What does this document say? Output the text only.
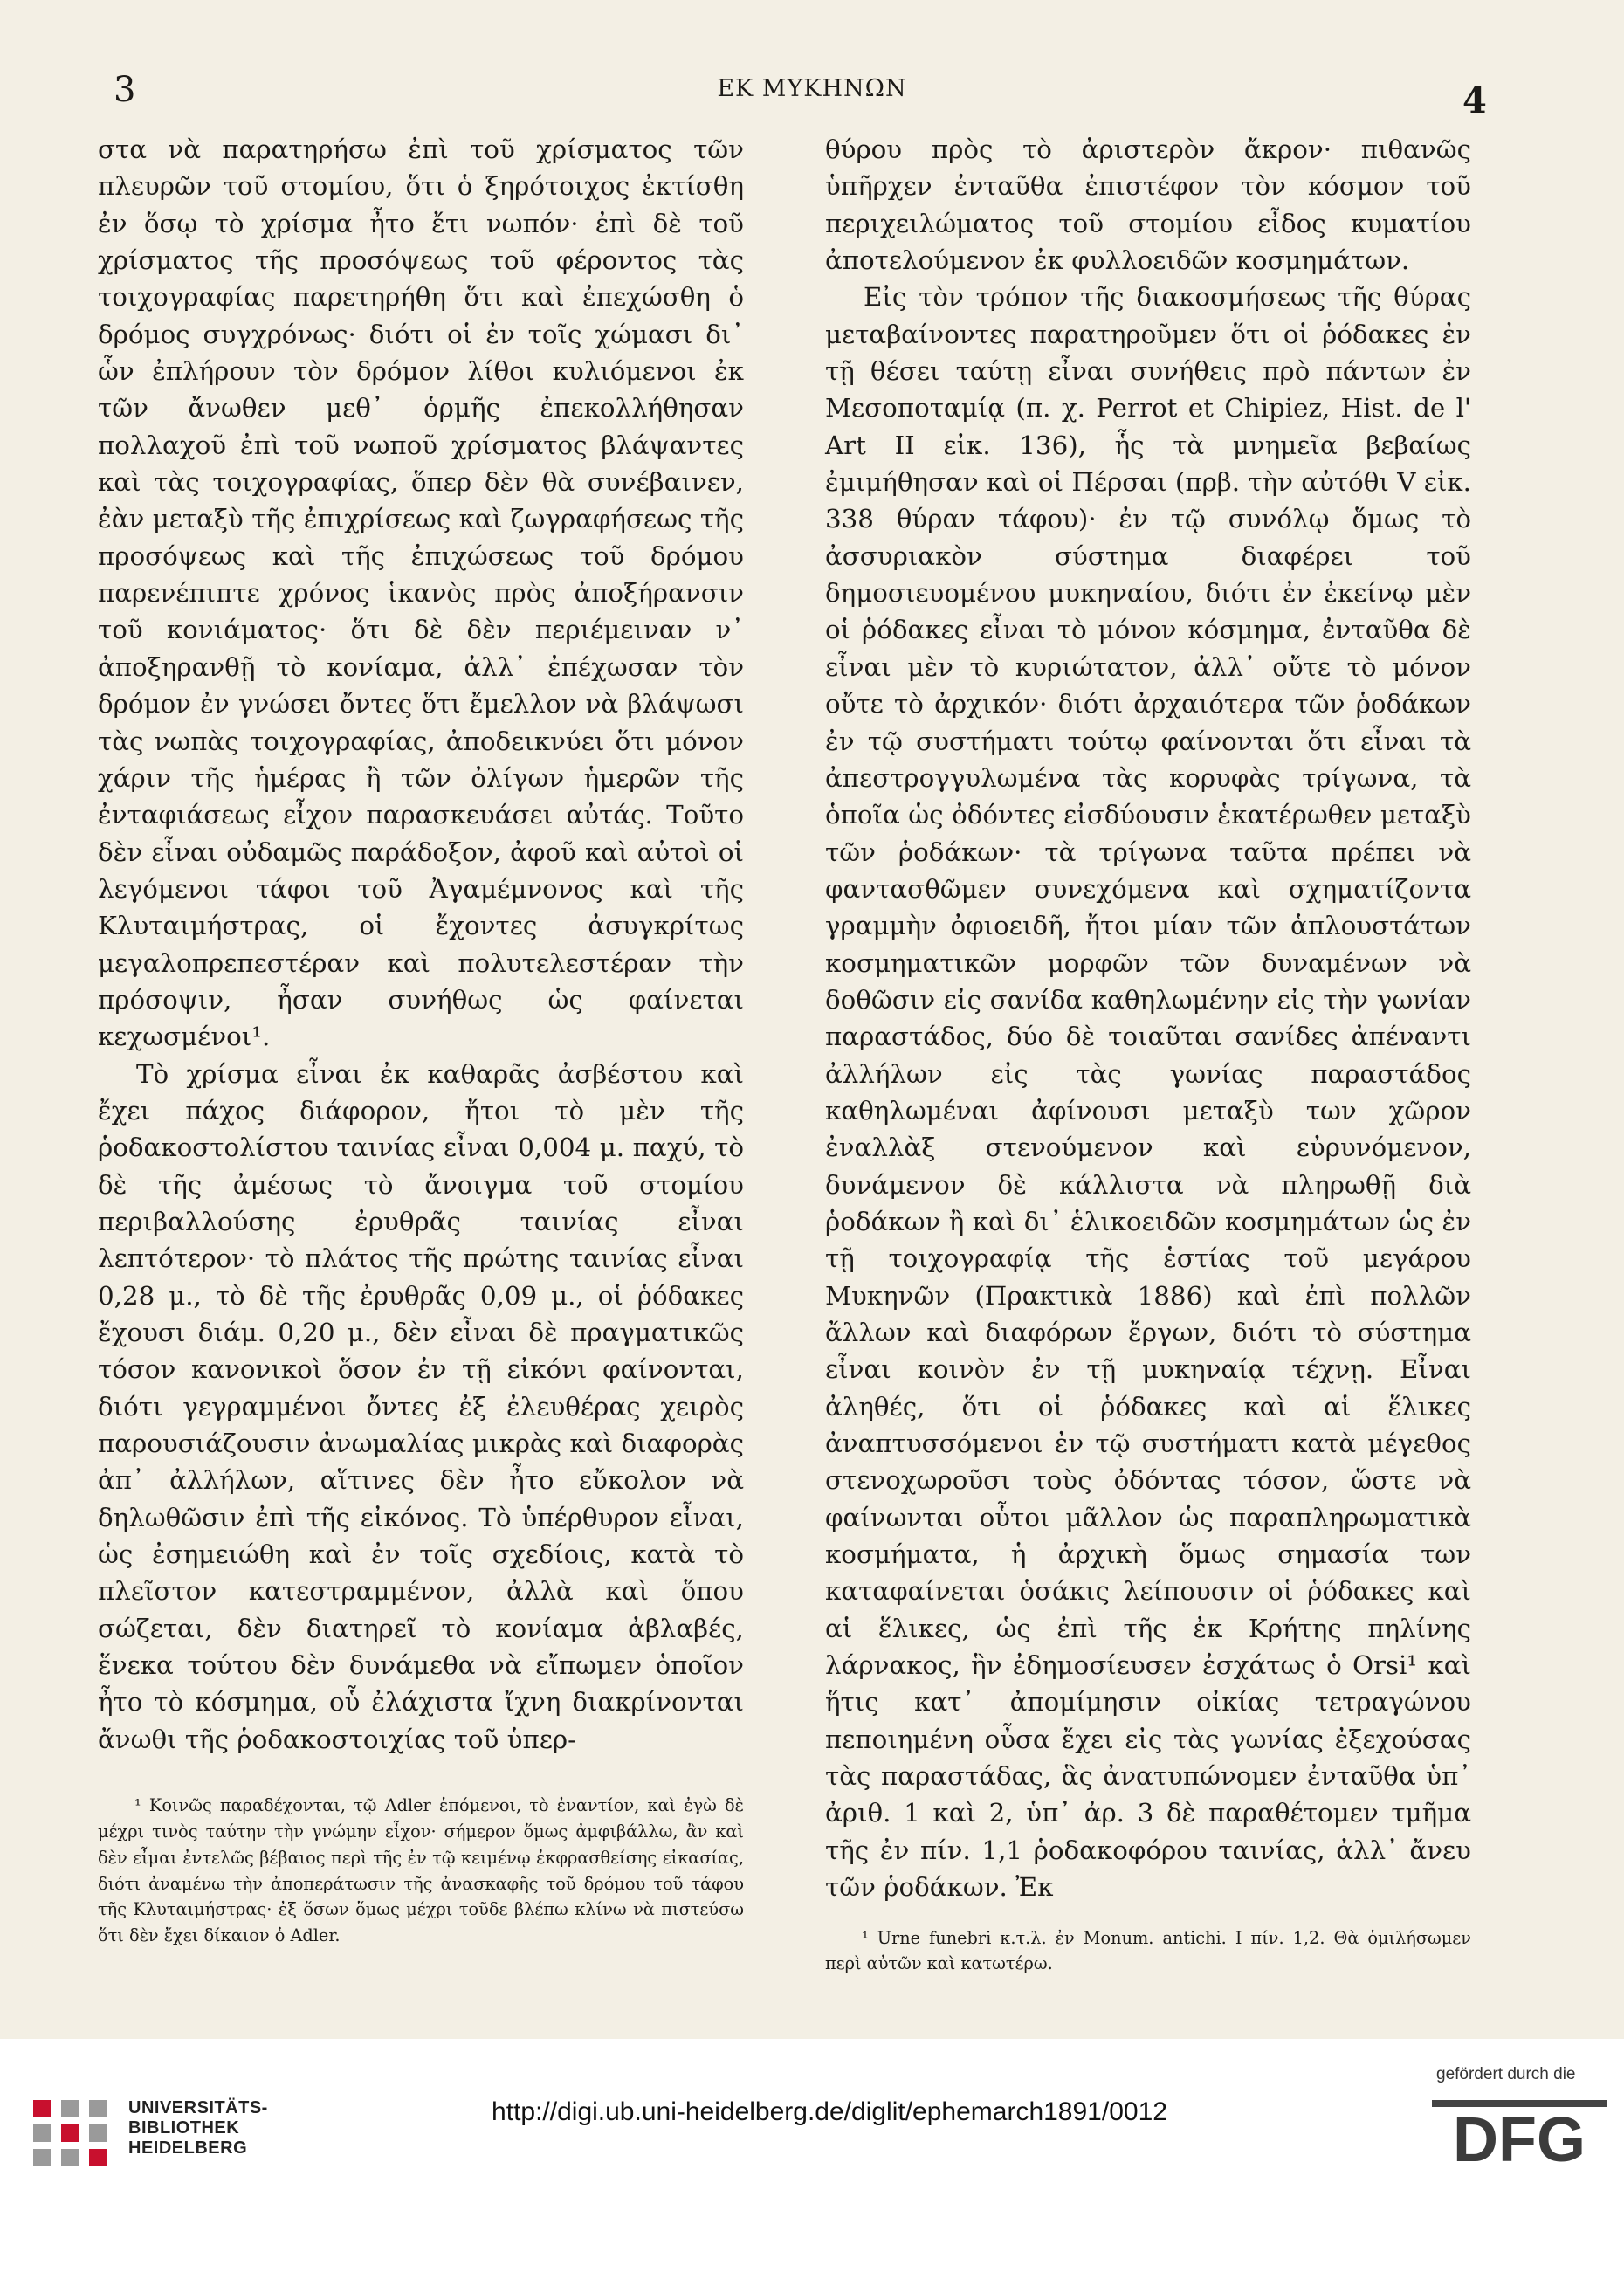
3	ΕΚ ΜΥΚΗΝΩΝ	4

στα νὰ παρατηρήσω ἐπὶ τοῦ χρίσματος τῶν πλευρῶν τοῦ στομίου, ὅτι ὁ ξηρότοιχος ἐκτίσθη ἐν ὅσῳ τὸ χρίσμα ἦτο ἔτι νωπόν· ἐπὶ δὲ τοῦ χρίσματος τῆς προσόψεως τοῦ φέροντος τὰς τοιχογραφίας παρετηρήθη ὅτι καὶ ἐπεχώσθη ὁ δρόμος συγχρόνως· διότι οἱ ἐν τοῖς χώμασι δι᾽ ὧν ἐπλήρουν τὸν δρόμον λίθοι κυλιόμενοι ἐκ τῶν ἄνωθεν μεθ᾽ ὁρμῆς ἐπεκολλήθησαν πολλαχοῦ ἐπὶ τοῦ νωποῦ χρίσματος βλάψαντες καὶ τὰς τοιχογραφίας, ὅπερ δὲν θὰ συνέβαινεν, ἐὰν μεταξὺ τῆς ἐπιχρίσεως καὶ ζωγραφήσεως τῆς προσόψεως καὶ τῆς ἐπιχώσεως τοῦ δρόμου παρενέπιπτε χρόνος ἱκανὸς πρὸς ἀποξήρανσιν τοῦ κονιάματος· ὅτι δὲ δὲν περιέμειναν ν᾽ ἀποξηρανθῇ τὸ κονίαμα, ἀλλ᾽ ἐπέχωσαν τὸν δρόμον ἐν γνώσει ὄντες ὅτι ἔμελλον νὰ βλάψωσι τὰς νωπὰς τοιχογραφίας, ἀποδεικνύει ὅτι μόνον χάριν τῆς ἡμέρας ἢ τῶν ὀλίγων ἡμερῶν τῆς ἐνταφιάσεως εἶχον παρασκευάσει αὐτάς. Τοῦτο δὲν εἶναι οὐδαμῶς παράδοξον, ἀφοῦ καὶ αὐτοὶ οἱ λεγόμενοι τάφοι τοῦ Ἀγαμέμνονος καὶ τῆς Κλυταιμήστρας, οἱ ἔχοντες ἀσυγκρίτως μεγαλοπρεπεστέραν καὶ πολυτελεστέραν τὴν πρόσοψιν, ἦσαν συνήθως ὡς φαίνεται κεχωσμένοι¹.

Τὸ χρίσμα εἶναι ἐκ καθαρᾶς ἀσβέστου καὶ ἔχει πάχος διάφορον, ἤτοι τὸ μὲν τῆς ῥοδακοστολίστου ταινίας εἶναι 0,004 μ. παχύ, τὸ δὲ τῆς ἀμέσως τὸ ἄνοιγμα τοῦ στομίου περιβαλλούσης ἐρυθρᾶς ταινίας εἶναι λεπτότερον· τὸ πλάτος τῆς πρώτης ταινίας εἶναι 0,28 μ., τὸ δὲ τῆς ἐρυθρᾶς 0,09 μ., οἱ ῥόδακες ἔχουσι διάμ. 0,20 μ., δὲν εἶναι δὲ πραγματικῶς τόσον κανονικοὶ ὅσον ἐν τῇ εἰκόνι φαίνονται, διότι γεγραμμένοι ὄντες ἐξ ἐλευθέρας χειρὸς παρουσιάζουσιν ἀνωμαλίας μικρὰς καὶ διαφορὰς ἀπ᾽ ἀλλήλων, αἵτινες δὲν ἦτο εὔκολον νὰ δηλωθῶσιν ἐπὶ τῆς εἰκόνος. Τὸ ὑπέρθυρον εἶναι, ὡς ἐσημειώθη καὶ ἐν τοῖς σχεδίοις, κατὰ τὸ πλεῖστον κατεστραμμένον, ἀλλὰ καὶ ὅπου σώζεται, δὲν διατηρεῖ τὸ κονίαμα ἀβλαβές, ἕνεκα τούτου δὲν δυνάμεθα νὰ εἴπωμεν ὁποῖον ἦτο τὸ κόσμημα, οὗ ἐλάχιστα ἴχνη διακρίνονται ἄνωθι τῆς ῥοδακοστοιχίας τοῦ ὑπερ-

¹ Κοινῶς παραδέχονται, τῷ Adler ἑπόμενοι, τὸ ἐναντίον, καὶ ἐγὼ δὲ μέχρι τινὸς ταύτην τὴν γνώμην εἶχον· σήμερον ὅμως ἀμφιβάλλω, ἂν καὶ δὲν εἶμαι ἐντελῶς βέβαιος περὶ τῆς ἐν τῷ κειμένῳ ἐκφρασθείσης εἰκασίας, διότι ἀναμένω τὴν ἀποπεράτωσιν τῆς ἀνασκαφῆς τοῦ δρόμου τοῦ τάφου τῆς Κλυταιμήστρας· ἐξ ὅσων ὅμως μέχρι τοῦδε βλέπω κλίνω νὰ πιστεύσω ὅτι δὲν ἔχει δίκαιον ὁ Adler.

θύρου πρὸς τὸ ἀριστερὸν ἄκρον· πιθανῶς ὑπῆρχεν ἐνταῦθα ἐπιστέφον τὸν κόσμον τοῦ περιχειλώματος τοῦ στομίου εἶδος κυματίου ἀποτελούμενον ἐκ φυλλοειδῶν κοσμημάτων.

Εἰς τὸν τρόπον τῆς διακοσμήσεως τῆς θύρας μεταβαίνοντες παρατηροῦμεν ὅτι οἱ ῥόδακες ἐν τῇ θέσει ταύτῃ εἶναι συνήθεις πρὸ πάντων ἐν Μεσοποταμίᾳ (π. χ. Perrot et Chipiez, Hist. de l' Art II εἰκ. 136), ἧς τὰ μνημεῖα βεβαίως ἐμιμήθησαν καὶ οἱ Πέρσαι (πρβ. τὴν αὐτόθι V εἰκ. 338 θύραν τάφου)· ἐν τῷ συνόλῳ ὅμως τὸ ἀσσυριακὸν σύστημα διαφέρει τοῦ δημοσιευομένου μυκηναίου, διότι ἐν ἐκείνῳ μὲν οἱ ῥόδακες εἶναι τὸ μόνον κόσμημα, ἐνταῦθα δὲ εἶναι μὲν τὸ κυριώτατον, ἀλλ᾽ οὔτε τὸ μόνον οὔτε τὸ ἀρχικόν· διότι ἀρχαιότερα τῶν ῥοδάκων ἐν τῷ συστήματι τούτῳ φαίνονται ὅτι εἶναι τὰ ἀπεστρογγυλωμένα τὰς κορυφὰς τρίγωνα, τὰ ὁποῖα ὡς ὀδόντες εἰσδύουσιν ἑκατέρωθεν μεταξὺ τῶν ῥοδάκων· τὰ τρίγωνα ταῦτα πρέπει νὰ φαντασθῶμεν συνεχόμενα καὶ σχηματίζοντα γραμμὴν ὀφιοειδῆ, ἤτοι μίαν τῶν ἁπλουστάτων κοσμηματικῶν μορφῶν τῶν δυναμένων νὰ δοθῶσιν εἰς σανίδα καθηλωμένην εἰς τὴν γωνίαν παραστάδος, δύο δὲ τοιαῦται σανίδες ἀπέναντι ἀλλήλων εἰς τὰς γωνίας παραστάδος καθηλωμέναι ἀφίνουσι μεταξὺ των χῶρον ἐναλλὰξ στενούμενον καὶ εὐρυνόμενον, δυνάμενον δὲ κάλλιστα νὰ πληρωθῇ διὰ ῥοδάκων ἢ καὶ δι᾽ ἑλικοειδῶν κοσμημάτων ὡς ἐν τῇ τοιχογραφίᾳ τῆς ἑστίας τοῦ μεγάρου Μυκηνῶν (Πρακτικὰ 1886) καὶ ἐπὶ πολλῶν ἄλλων καὶ διαφόρων ἔργων, διότι τὸ σύστημα εἶναι κοινὸν ἐν τῇ μυκηναίᾳ τέχνῃ. Εἶναι ἀληθές, ὅτι οἱ ῥόδακες καὶ αἱ ἕλικες ἀναπτυσσόμενοι ἐν τῷ συστήματι κατὰ μέγεθος στενοχωροῦσι τοὺς ὀδόντας τόσον, ὥστε νὰ φαίνωνται οὗτοι μᾶλλον ὡς παραπληρωματικὰ κοσμήματα, ἡ ἀρχικὴ ὅμως σημασία των καταφαίνεται ὁσάκις λείπουσιν οἱ ῥόδακες καὶ αἱ ἕλικες, ὡς ἐπὶ τῆς ἐκ Κρήτης πηλίνης λάρνακος, ἣν ἐδημοσίευσεν ἐσχάτως ὁ Orsi¹ καὶ ἥτις κατ᾽ ἀπομίμησιν οἰκίας τετραγώνου πεποιημένη οὖσα ἔχει εἰς τὰς γωνίας ἐξεχούσας τὰς παραστάδας, ἃς ἀνατυπώνομεν ἐνταῦθα ὑπ᾽ ἀριθ. 1 καὶ 2, ὑπ᾽ ἀρ. 3 δὲ παραθέτομεν τμῆμα τῆς ἐν πίν. 1,1 ῥοδακοφόρου ταινίας, ἀλλ᾽ ἄνευ τῶν ῥοδάκων. Ἐκ

¹ Urne funebri κ.τ.λ. ἐν Monum. antichi. I πίν. 1,2. Θὰ ὁμιλήσωμεν περὶ αὐτῶν καὶ κατωτέρω.

UNIVERSITÄTS-
BIBLIOTHEK
HEIDELBERG
http://digi.ub.uni-heidelberg.de/diglit/ephemarch1891/0012
gefördert durch die
DFG
